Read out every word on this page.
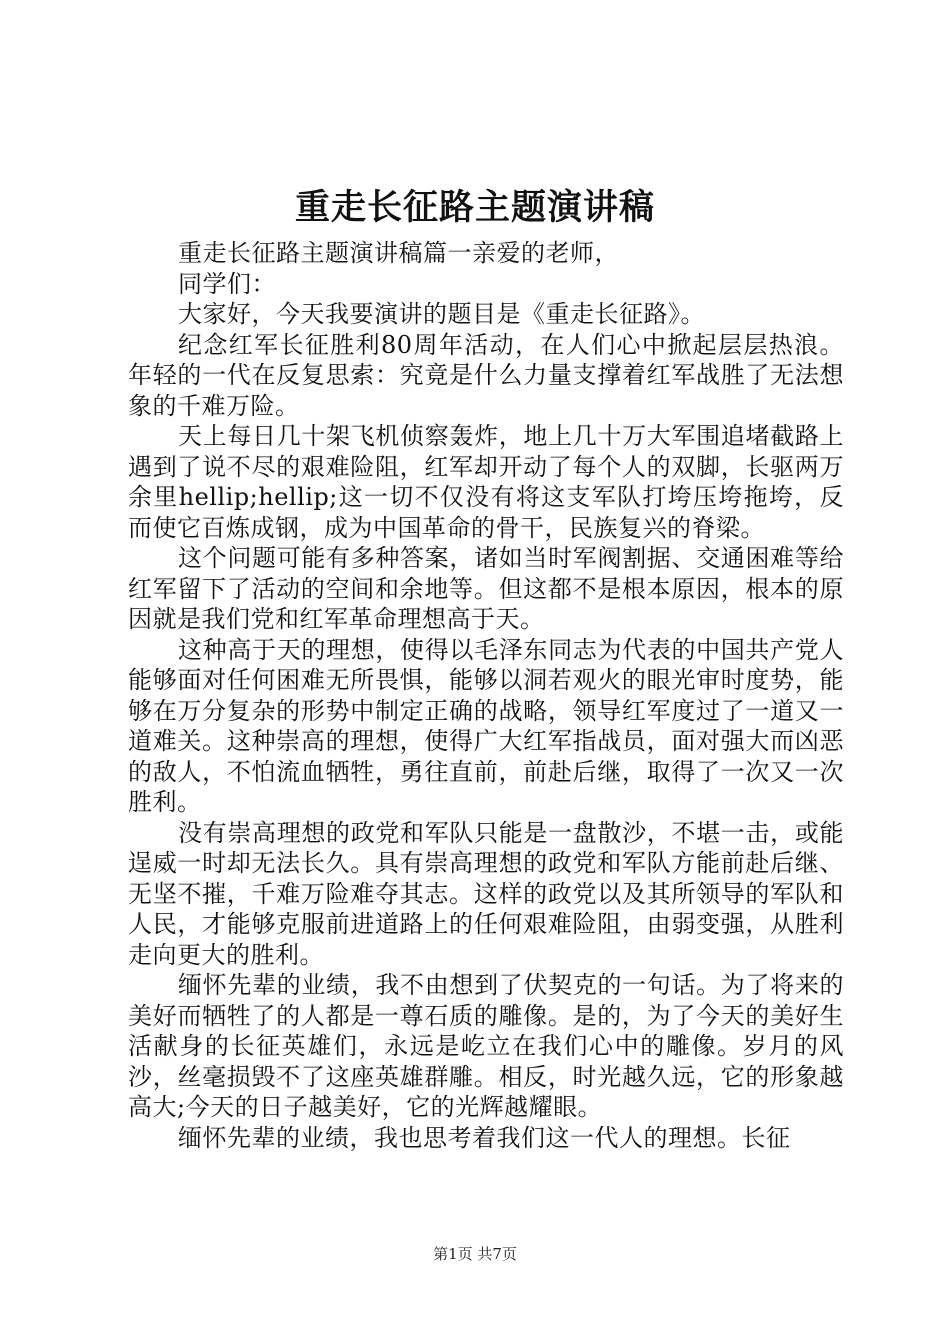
重走长征路主题演讲稿

重走长征路主题演讲稿篇一亲爱的老师，

同学们：

大家好，今天我要演讲的题目是《重走长征路》。

纪念红军长征胜利80周年活动，在人们心中掀起层层热浪。年轻的一代在反复思索：究竟是什么力量支撑着红军战胜了无法想象的千难万险。

天上每日几十架飞机侦察轰炸，地上几十万大军围追堵截路上遇到了说不尽的艰难险阻，红军却开动了每个人的双脚，长驱两万余里hellip;hellip;这一切不仅没有将这支军队打垮压垮拖垮，反而使它百炼成钢，成为中国革命的骨干，民族复兴的脊梁。

这个问题可能有多种答案，诸如当时军阀割据、交通困难等给红军留下了活动的空间和余地等。但这都不是根本原因，根本的原因就是我们党和红军革命理想高于天。

这种高于天的理想，使得以毛泽东同志为代表的中国共产党人能够面对任何困难无所畏惧，能够以洞若观火的眼光审时度势，能够在万分复杂的形势中制定正确的战略，领导红军度过了一道又一道难关。这种崇高的理想，使得广大红军指战员，面对强大而凶恶的敌人，不怕流血牺牲，勇往直前，前赴后继，取得了一次又一次胜利。

没有崇高理想的政党和军队只能是一盘散沙，不堪一击，或能逞威一时却无法长久。具有崇高理想的政党和军队方能前赴后继、无坚不摧，千难万险难夺其志。这样的政党以及其所领导的军队和人民，才能够克服前进道路上的任何艰难险阻，由弱变强，从胜利走向更大的胜利。

缅怀先辈的业绩，我不由想到了伏契克的一句话。为了将来的美好而牺牲了的人都是一尊石质的雕像。是的，为了今天的美好生活献身的长征英雄们，永远是屹立在我们心中的雕像。岁月的风沙，丝毫损毁不了这座英雄群雕。相反，时光越久远，它的形象越高大;今天的日子越美好，它的光辉越耀眼。

缅怀先辈的业绩，我也思考着我们这一代人的理想。长征

第1页 共7页
